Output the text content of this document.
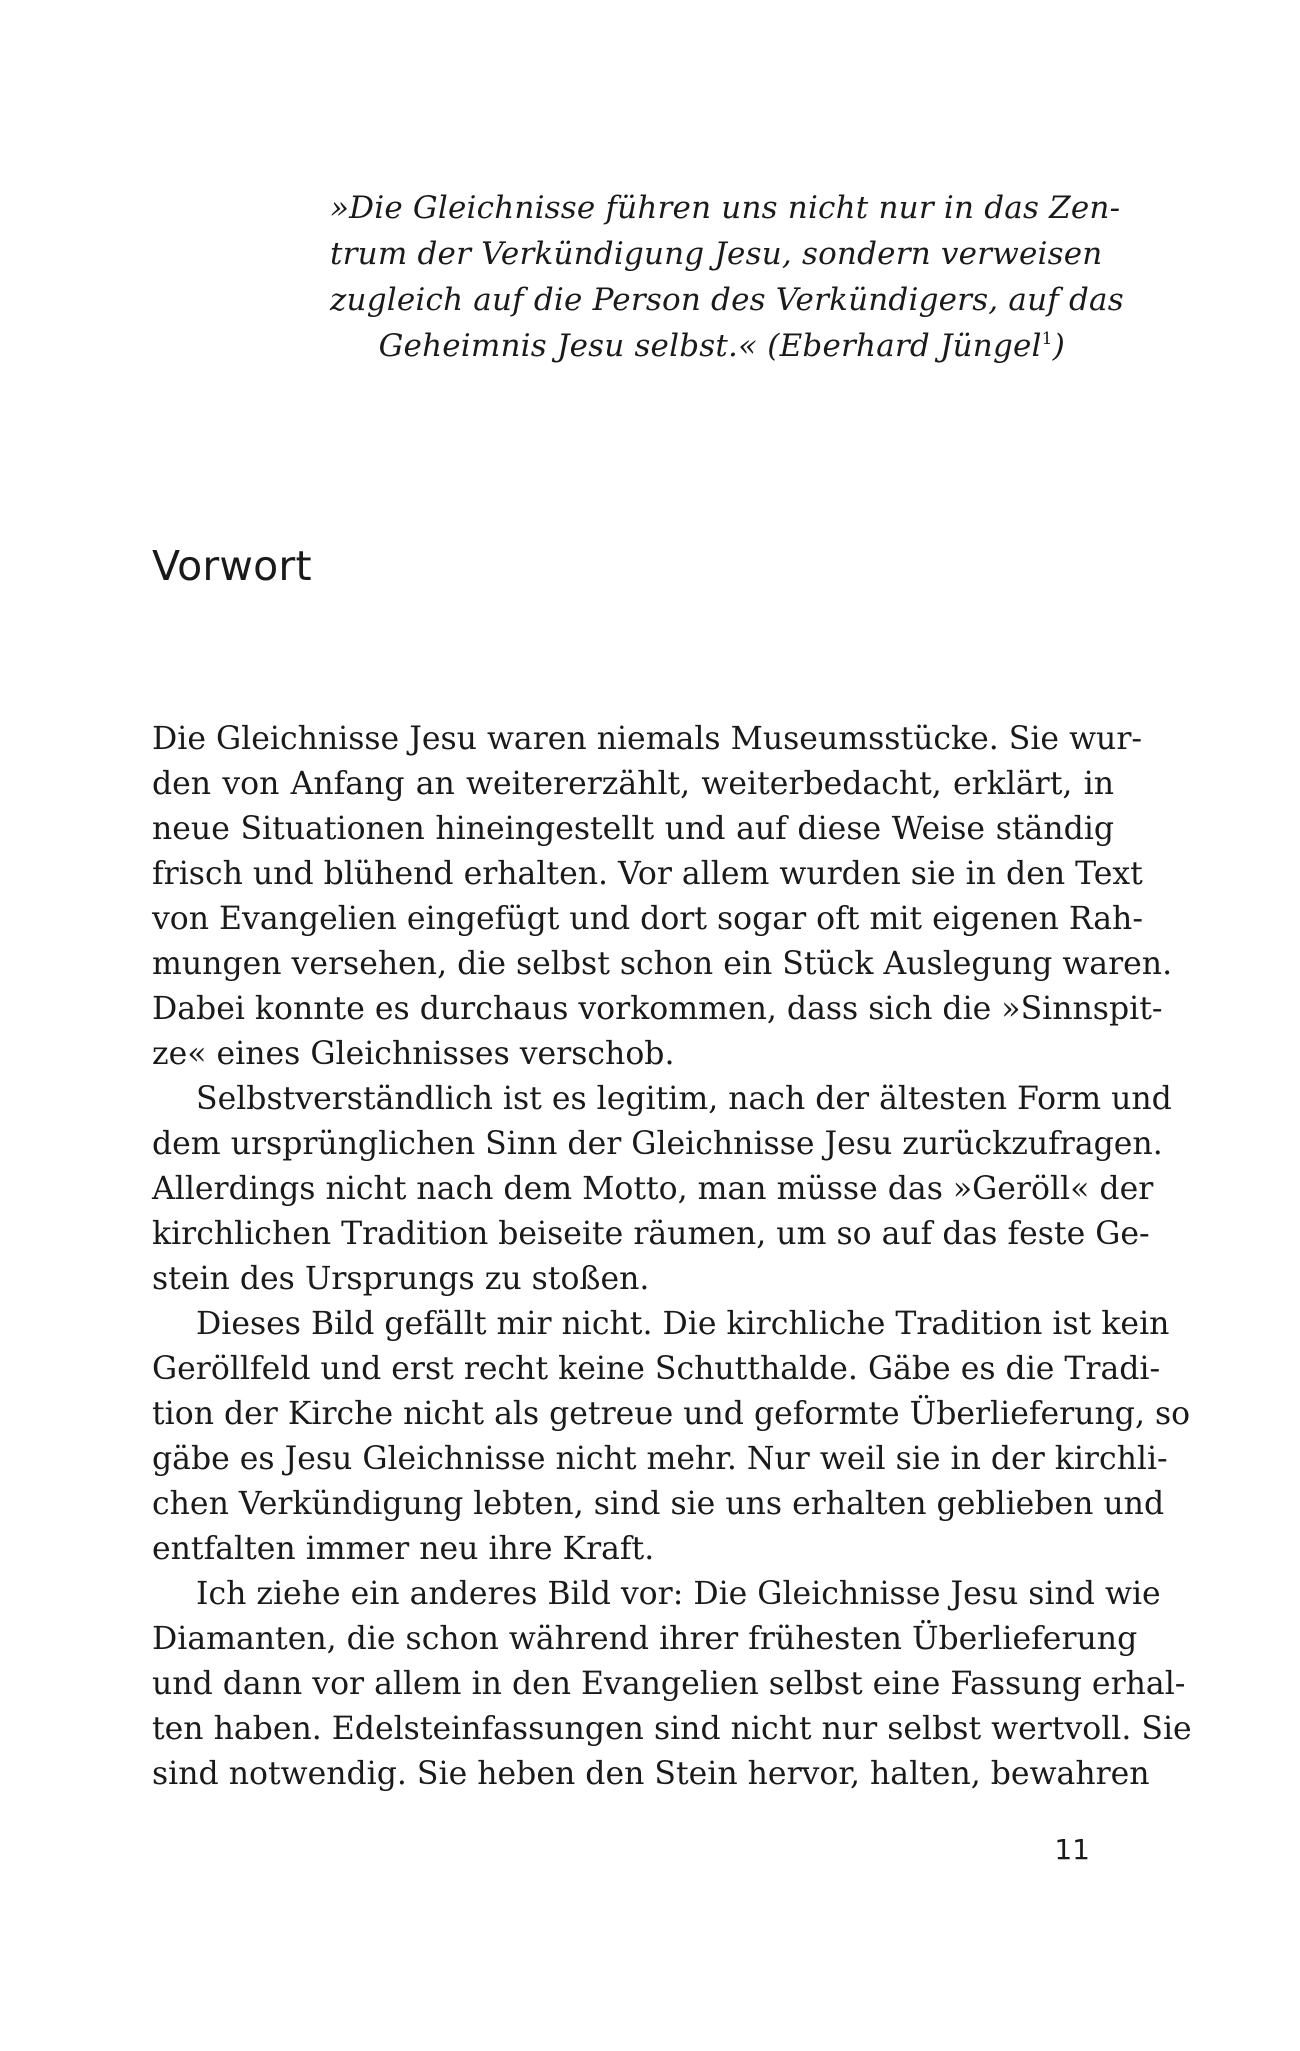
»Die Gleichnisse führen uns nicht nur in das Zen-
trum der Verkündigung Jesu, sondern verweisen
zugleich auf die Person des Verkündigers, auf das
Geheimnis Jesu selbst.« (Eberhard Jüngel$^1$)
Vorwort
Die Gleichnisse Jesu waren niemals Museumsstücke. Sie wur-
den von Anfang an weitererzählt, weiterbedacht, erklärt, in
neue Situationen hineingestellt und auf diese Weise ständig
frisch und blühend erhalten. Vor allem wurden sie in den Text
von Evangelien eingefügt und dort sogar oft mit eigenen Rah-
mungen versehen, die selbst schon ein Stück Auslegung waren.
Dabei konnte es durchaus vorkommen, dass sich die »Sinnspit-
ze« eines Gleichnisses verschob.
Selbstverständlich ist es legitim, nach der ältesten Form und
dem ursprünglichen Sinn der Gleichnisse Jesu zurückzufragen.
Allerdings nicht nach dem Motto, man müsse das »Geröll« der
kirchlichen Tradition beiseite räumen, um so auf das feste Ge-
stein des Ursprungs zu stoßen.
Dieses Bild gefällt mir nicht. Die kirchliche Tradition ist kein
Geröllfeld und erst recht keine Schutthalde. Gäbe es die Tradi-
tion der Kirche nicht als getreue und geformte Überlieferung, so
gäbe es Jesu Gleichnisse nicht mehr. Nur weil sie in der kirchli-
chen Verkündigung lebten, sind sie uns erhalten geblieben und
entfalten immer neu ihre Kraft.
Ich ziehe ein anderes Bild vor: Die Gleichnisse Jesu sind wie
Diamanten, die schon während ihrer frühesten Überlieferung
und dann vor allem in den Evangelien selbst eine Fassung erhal-
ten haben. Edelsteinfassungen sind nicht nur selbst wertvoll. Sie
sind notwendig. Sie heben den Stein hervor, halten, bewahren
11
